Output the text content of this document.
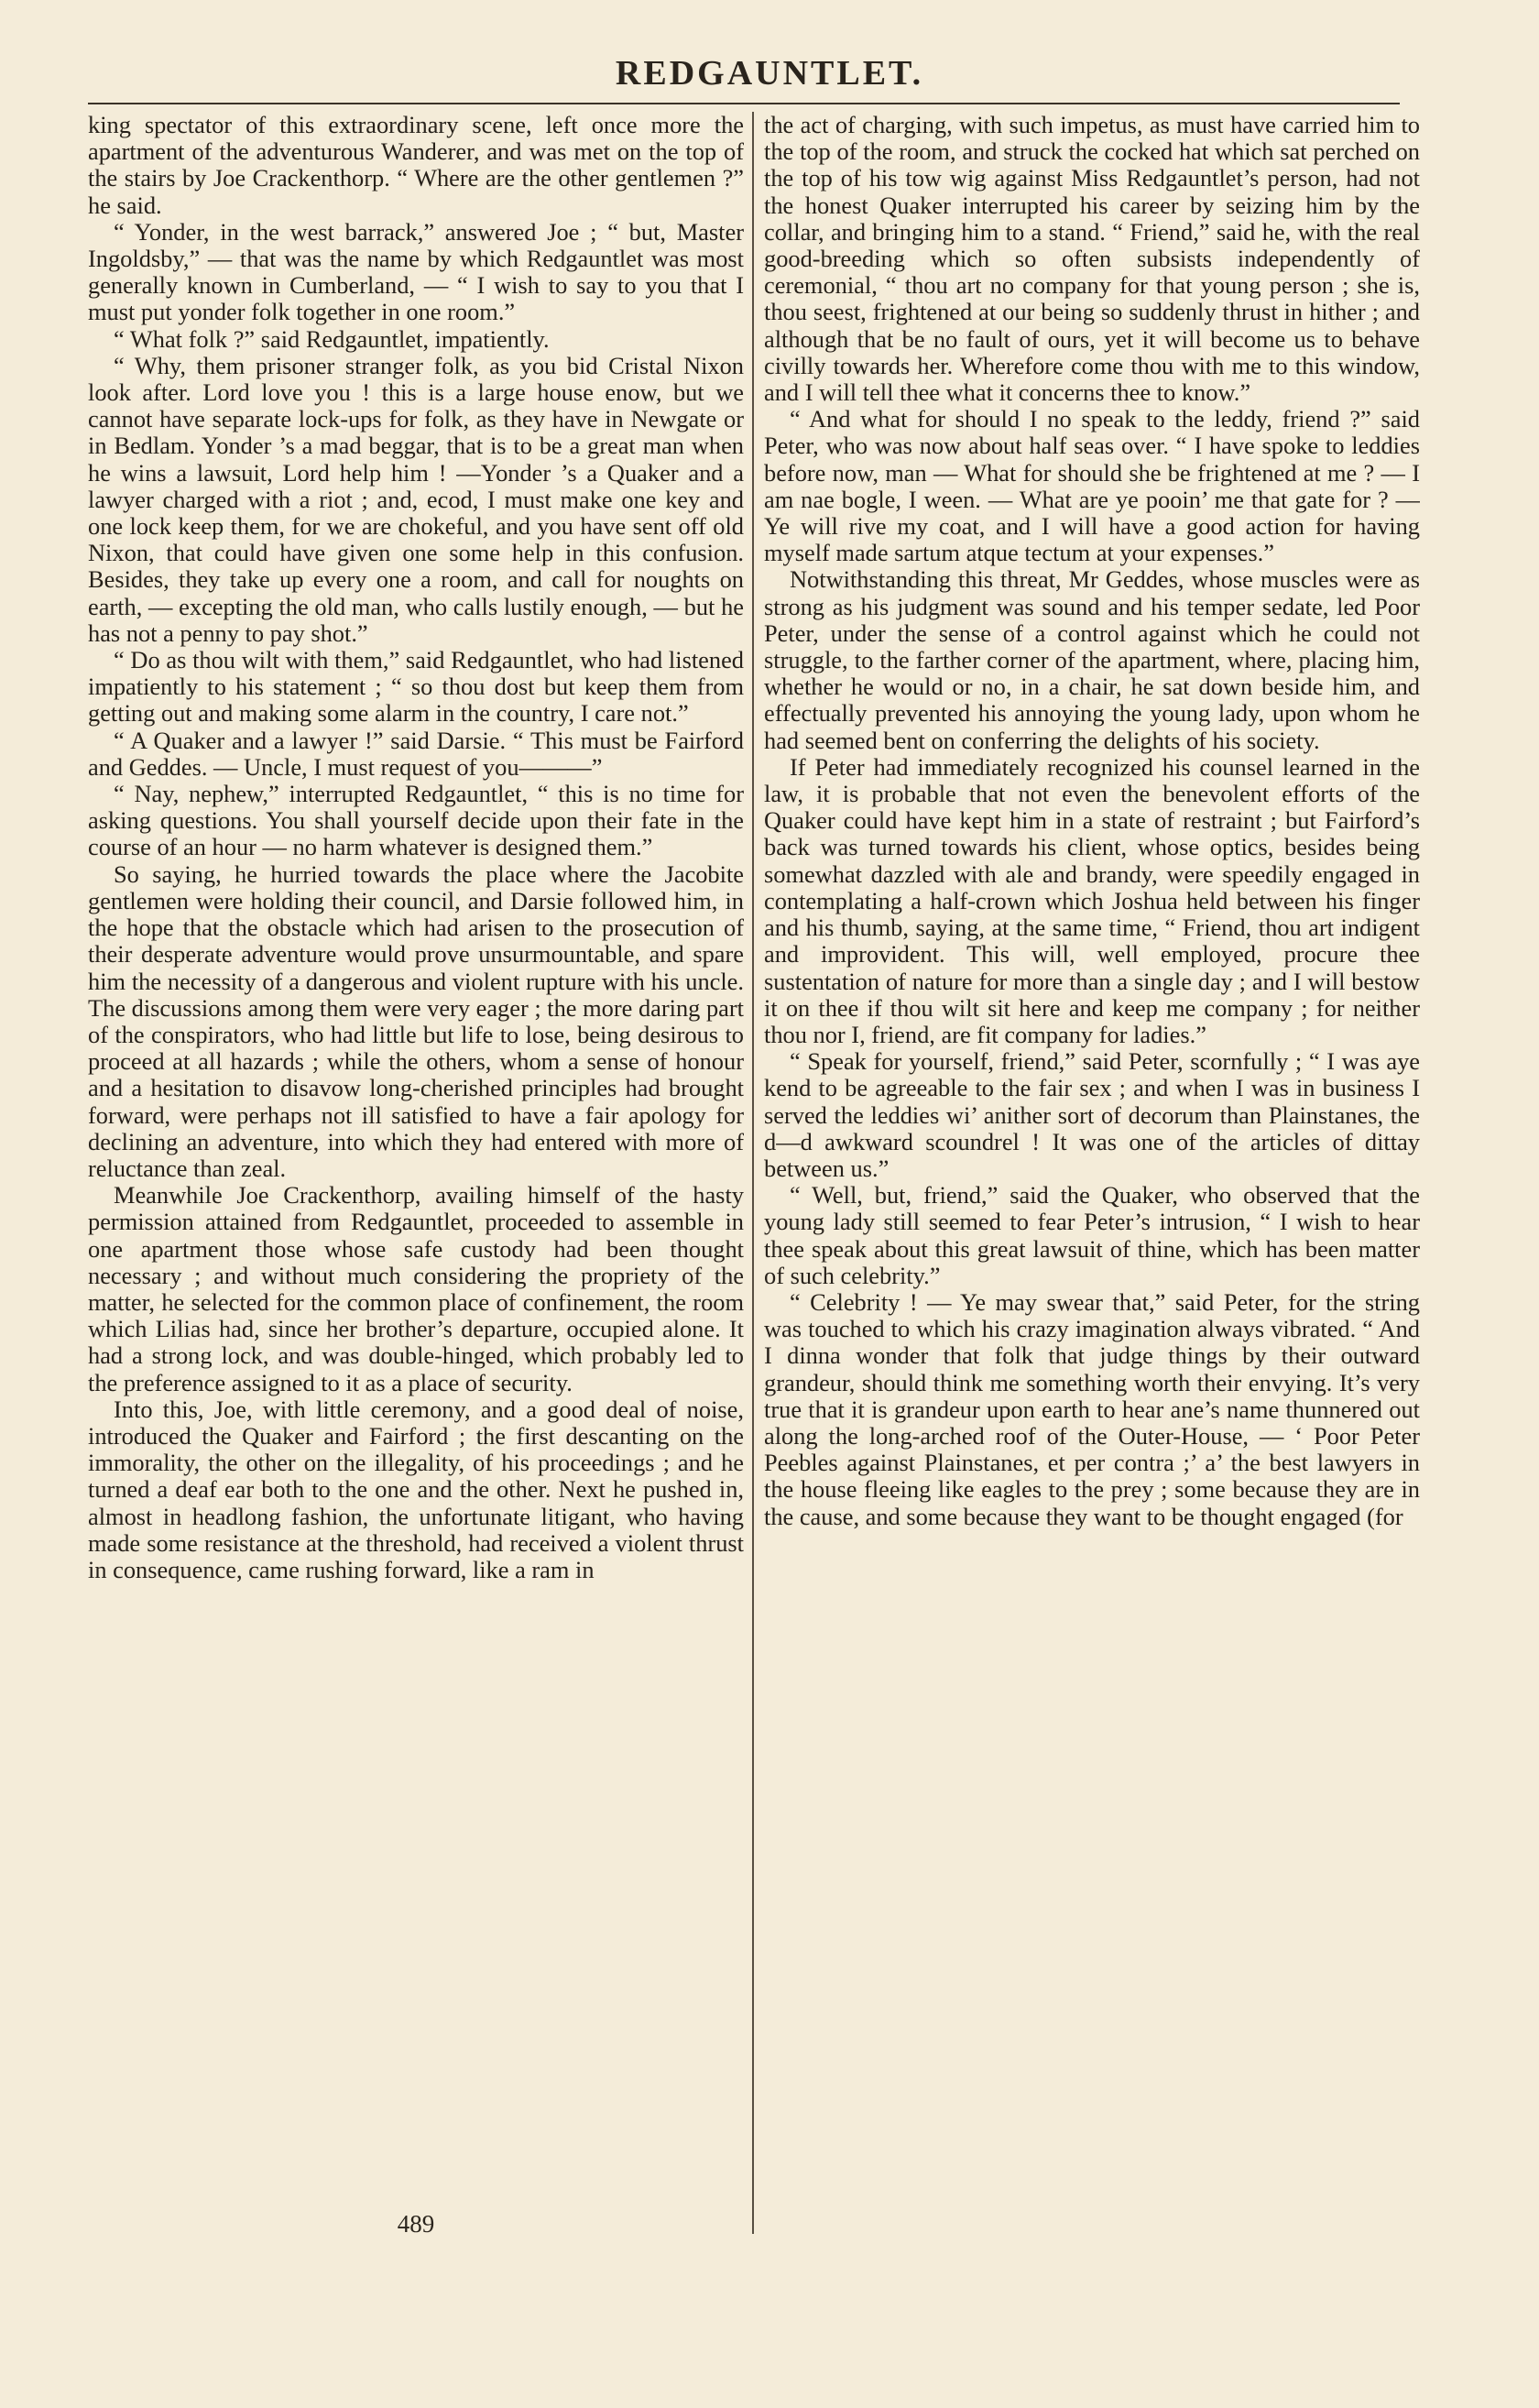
REDGAUNTLET.

king spectator of this extraordinary scene, left once more the apartment of the adventurous Wanderer, and was met on the top of the stairs by Joe Crackenthorp. “ Where are the other gentlemen ?” he said.

“ Yonder, in the west barrack,” answered Joe ; “ but, Master Ingoldsby,” — that was the name by which Redgauntlet was most generally known in Cumberland, — “ I wish to say to you that I must put yonder folk together in one room.”

“ What folk ?” said Redgauntlet, impatiently.

“ Why, them prisoner stranger folk, as you bid Cristal Nixon look after. Lord love you ! this is a large house enow, but we cannot have separate lock-ups for folk, as they have in Newgate or in Bedlam. Yonder ’s a mad beggar, that is to be a great man when he wins a lawsuit, Lord help him ! —Yonder ’s a Quaker and a lawyer charged with a riot ; and, ecod, I must make one key and one lock keep them, for we are chokeful, and you have sent off old Nixon, that could have given one some help in this confusion. Besides, they take up every one a room, and call for noughts on earth, — excepting the old man, who calls lustily enough, — but he has not a penny to pay shot.”

“ Do as thou wilt with them,” said Redgauntlet, who had listened impatiently to his statement ; “ so thou dost but keep them from getting out and making some alarm in the country, I care not.”

“ A Quaker and a lawyer !” said Darsie. “ This must be Fairford and Geddes. — Uncle, I must request of you———”

“ Nay, nephew,” interrupted Redgauntlet, “ this is no time for asking questions. You shall yourself decide upon their fate in the course of an hour — no harm whatever is designed them.”

So saying, he hurried towards the place where the Jacobite gentlemen were holding their council, and Darsie followed him, in the hope that the obstacle which had arisen to the prosecution of their desperate adventure would prove unsurmountable, and spare him the necessity of a dangerous and violent rupture with his uncle. The discussions among them were very eager ; the more daring part of the conspirators, who had little but life to lose, being desirous to proceed at all hazards ; while the others, whom a sense of honour and a hesitation to disavow long-cherished principles had brought forward, were perhaps not ill satisfied to have a fair apology for declining an adventure, into which they had entered with more of reluctance than zeal.

Meanwhile Joe Crackenthorp, availing himself of the hasty permission attained from Redgauntlet, proceeded to assemble in one apartment those whose safe custody had been thought necessary ; and without much considering the propriety of the matter, he selected for the common place of confinement, the room which Lilias had, since her brother’s departure, occupied alone. It had a strong lock, and was double-hinged, which probably led to the preference assigned to it as a place of security.

Into this, Joe, with little ceremony, and a good deal of noise, introduced the Quaker and Fairford ; the first descanting on the immorality, the other on the illegality, of his proceedings ; and he turned a deaf ear both to the one and the other. Next he pushed in, almost in headlong fashion, the unfortunate litigant, who having made some resistance at the threshold, had received a violent thrust in consequence, came rushing forward, like a ram in

the act of charging, with such impetus, as must have carried him to the top of the room, and struck the cocked hat which sat perched on the top of his tow wig against Miss Redgauntlet’s person, had not the honest Quaker interrupted his career by seizing him by the collar, and bringing him to a stand. “ Friend,” said he, with the real good-breeding which so often subsists independently of ceremonial, “ thou art no company for that young person ; she is, thou seest, frightened at our being so suddenly thrust in hither ; and although that be no fault of ours, yet it will become us to behave civilly towards her. Wherefore come thou with me to this window, and I will tell thee what it concerns thee to know.”

“ And what for should I no speak to the leddy, friend ?” said Peter, who was now about half seas over. “ I have spoke to leddies before now, man — What for should she be frightened at me ? — I am nae bogle, I ween. — What are ye pooin’ me that gate for ? — Ye will rive my coat, and I will have a good action for having myself made sartum atque tectum at your expenses.”

Notwithstanding this threat, Mr Geddes, whose muscles were as strong as his judgment was sound and his temper sedate, led Poor Peter, under the sense of a control against which he could not struggle, to the farther corner of the apartment, where, placing him, whether he would or no, in a chair, he sat down beside him, and effectually prevented his annoying the young lady, upon whom he had seemed bent on conferring the delights of his society.

If Peter had immediately recognized his counsel learned in the law, it is probable that not even the benevolent efforts of the Quaker could have kept him in a state of restraint ; but Fairford’s back was turned towards his client, whose optics, besides being somewhat dazzled with ale and brandy, were speedily engaged in contemplating a half-crown which Joshua held between his finger and his thumb, saying, at the same time, “ Friend, thou art indigent and improvident. This will, well employed, procure thee sustentation of nature for more than a single day ; and I will bestow it on thee if thou wilt sit here and keep me company ; for neither thou nor I, friend, are fit company for ladies.”

“ Speak for yourself, friend,” said Peter, scornfully ; “ I was aye kend to be agreeable to the fair sex ; and when I was in business I served the leddies wi’ anither sort of decorum than Plainstanes, the d—d awkward scoundrel ! It was one of the articles of dittay between us.”

“ Well, but, friend,” said the Quaker, who observed that the young lady still seemed to fear Peter’s intrusion, “ I wish to hear thee speak about this great lawsuit of thine, which has been matter of such celebrity.”

“ Celebrity ! — Ye may swear that,” said Peter, for the string was touched to which his crazy imagination always vibrated. “ And I dinna wonder that folk that judge things by their outward grandeur, should think me something worth their envying. It’s very true that it is grandeur upon earth to hear ane’s name thunnered out along the long-arched roof of the Outer-House, — ‘ Poor Peter Peebles against Plainstanes, et per contra ;’ a’ the best lawyers in the house fleeing like eagles to the prey ; some because they are in the cause, and some because they want to be thought engaged (for

489
